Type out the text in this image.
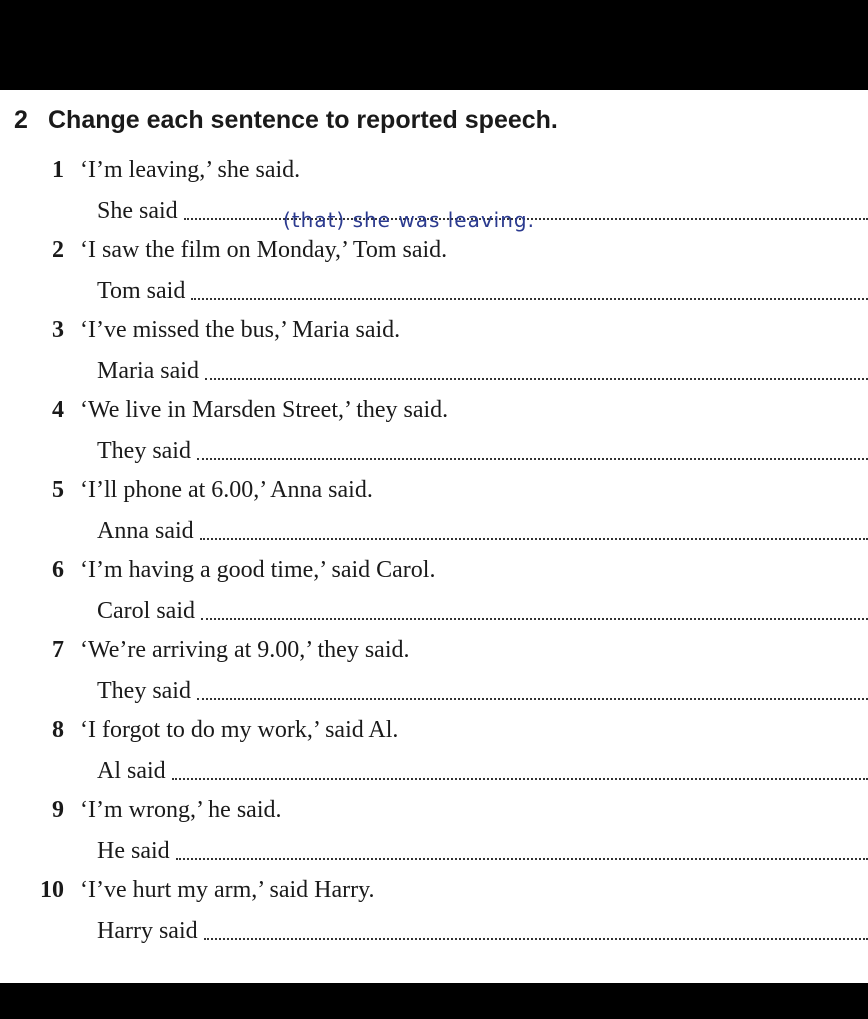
2 Change each sentence to reported speech.
1 ‘I’m leaving,’ she said.
She said	(that) she was leaving.
2 ‘I saw the film on Monday,’ Tom said.
Tom said
3 ‘I’ve missed the bus,’ Maria said.
Maria said
4 ‘We live in Marsden Street,’ they said.
They said
5 ‘I’ll phone at 6.00,’ Anna said.
Anna said
6 ‘I’m having a good time,’ said Carol.
Carol said
7 ‘We’re arriving at 9.00,’ they said.
They said
8 ‘I forgot to do my work,’ said Al.
Al said
9 ‘I’m wrong,’ he said.
He said
10 ‘I’ve hurt my arm,’ said Harry.
Harry said
